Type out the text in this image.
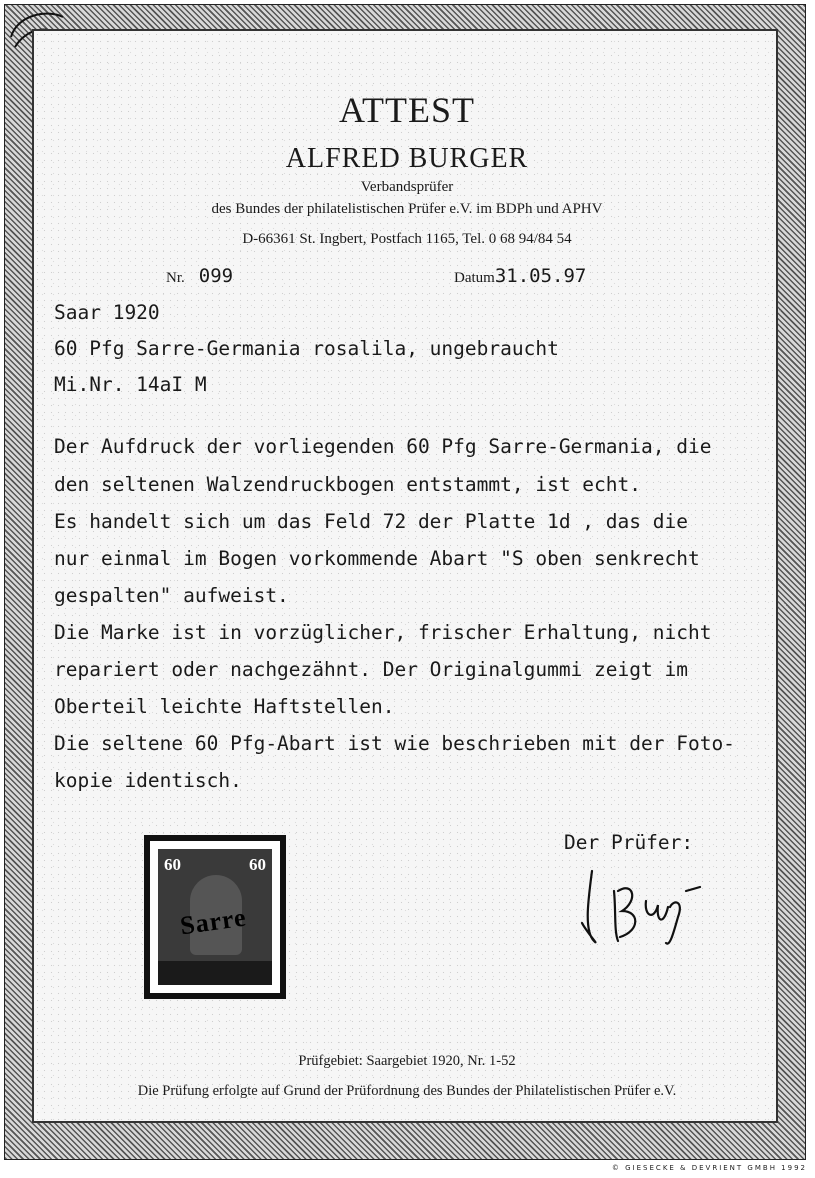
ATTEST
ALFRED BURGER
Verbandsprüfer
des Bundes der philatelistischen Prüfer e.V. im BDPh und APHV
D-66361 St. Ingbert, Postfach 1165, Tel. 0 68 94/84 54
Nr. 099	Datum31.05.97
Saar 1920
60 Pfg Sarre-Germania rosalila, ungebraucht
Mi.Nr. 14aI M
Der Aufdruck der vorliegenden 60 Pfg Sarre-Germania, die
den seltenen Walzendruckbogen entstammt, ist echt.
Es handelt sich um das Feld 72 der Platte 1d , das die
nur einmal im Bogen vorkommende Abart "S oben senkrecht
gespalten" aufweist.
Die Marke ist in vorzüglicher, frischer Erhaltung, nicht
repariert oder nachgezähnt. Der Originalgummi zeigt im
Oberteil leichte Haftstellen.
Die seltene 60 Pfg-Abart ist wie beschrieben mit der Foto-
kopie identisch.
Der Prüfer:
60	60
Sarre
Prüfgebiet: Saargebiet 1920, Nr. 1-52
Die Prüfung erfolgte auf Grund der Prüfordnung des Bundes der Philatelistischen Prüfer e.V.
© GIESECKE & DEVRIENT GMBH 1992
